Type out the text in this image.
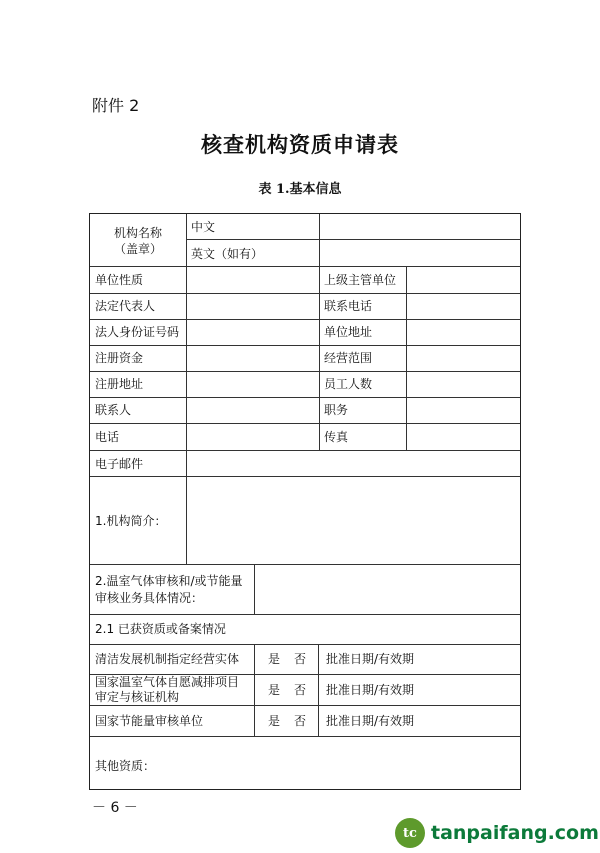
附件 2
核查机构资质申请表
表 1.基本信息
机构名称
（盖章）
中文
英文（如有）
单位性质
法定代表人
法人身份证号码
注册资金
注册地址
联系人
电话
上级主管单位
联系电话
单位地址
经营范围
员工人数
职务
传真
电子邮件
1.机构简介：
2.温室气体审核和/或节能量
审核业务具体情况：
2.1 已获资质或备案情况
清洁发展机制指定经营实体 是 否 批准日期/有效期
国家温室气体自愿减排项目
审定与核证机构	是 否 批准日期/有效期
国家节能量审核单位	是 否 批准日期/有效期
其他资质：
－ 6 －
tc tanpaifang.com
